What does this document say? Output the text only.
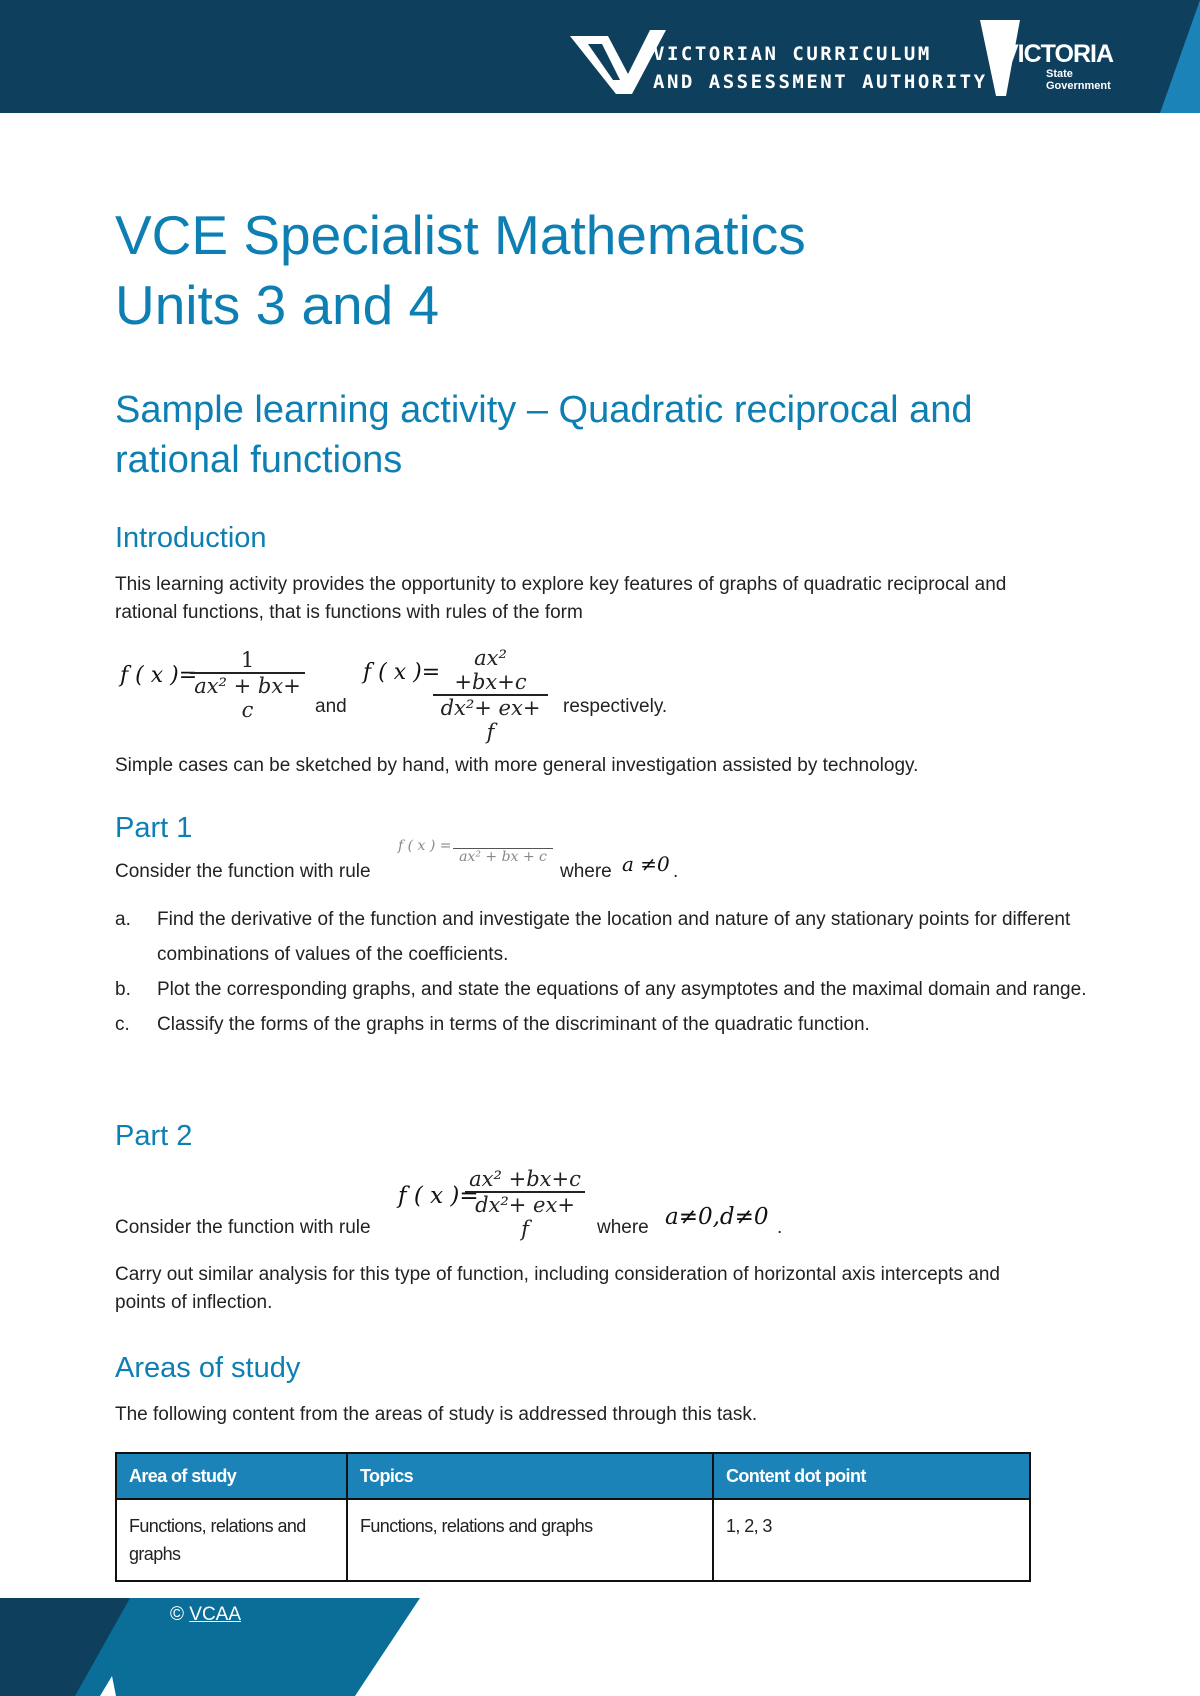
VICTORIAN CURRICULUM
AND ASSESSMENT AUTHORITY
VICTORIA
State
Government
VCE Specialist Mathematics
Units 3 and 4
Sample learning activity – Quadratic reciprocal and
rational functions
Introduction

This learning activity provides the opportunity to explore key features of graphs of quadratic reciprocal and
rational functions, that is functions with rules of the form

f ( x )=
$\frac{1}{\text{ax² + bx+ c}}$ and
f ( x )=
$\frac{\text{ax² +bx+c}}{\text{dx²+ ex+ f}}$ respectively.

Simple cases can be sketched by hand, with more general investigation assisted by technology.

Part 1

Consider the function with rule

f ( x ) =
ax² + bx + c
where a ≠0 .
a. Find the derivative of the function and investigate the location and nature of any stationary points for different combinations of values of the coefficients.
b. Plot the corresponding graphs, and state the equations of any asymptotes and the maximal domain and range.
c. Classify the forms of the graphs in terms of the discriminant of the quadratic function.
Part 2
f ( x )=
$\frac{\text{ax² +bx+c}}{\text{dx²+ ex+ f}}$

Consider the function with rule	where a≠0,d≠0 .

Carry out similar analysis for this type of function, including consideration of horizontal axis intercepts and
points of inflection.

Areas of study

The following content from the areas of study is addressed through this task.

Area of study	Topics	Content dot point
Functions, relations and graphs	Functions, relations and graphs	1, 2, 3
© VCAA
